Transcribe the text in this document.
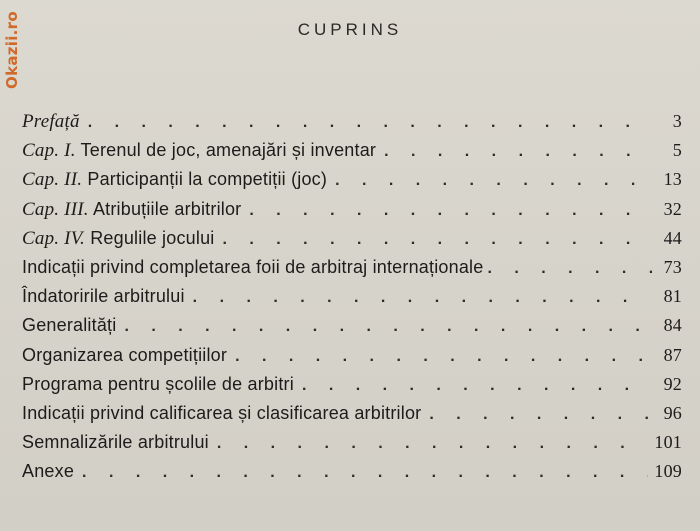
Okazii.ro	CUPRINS
Prefață . . .	3
Cap. I. Terenul de joc, amenajări și inventar . . .	5
Cap. II. Participanții la competiții (joc) . . .	13
Cap. III. Atribuțiile arbitrilor . . .	32
Cap. IV. Regulile jocului . . .	44
Indicații privind completarea foii de arbitraj internaționale . . .	73
Îndatoririle arbitrului . . .	81
Generalități . . .	84
Organizarea competițiilor . . .	87
Programa pentru școlile de arbitri . . .	92
Indicații privind calificarea și clasificarea arbitrilor . . .	96
Semnalizările arbitrului . . .	101
Anexe . . .	109
